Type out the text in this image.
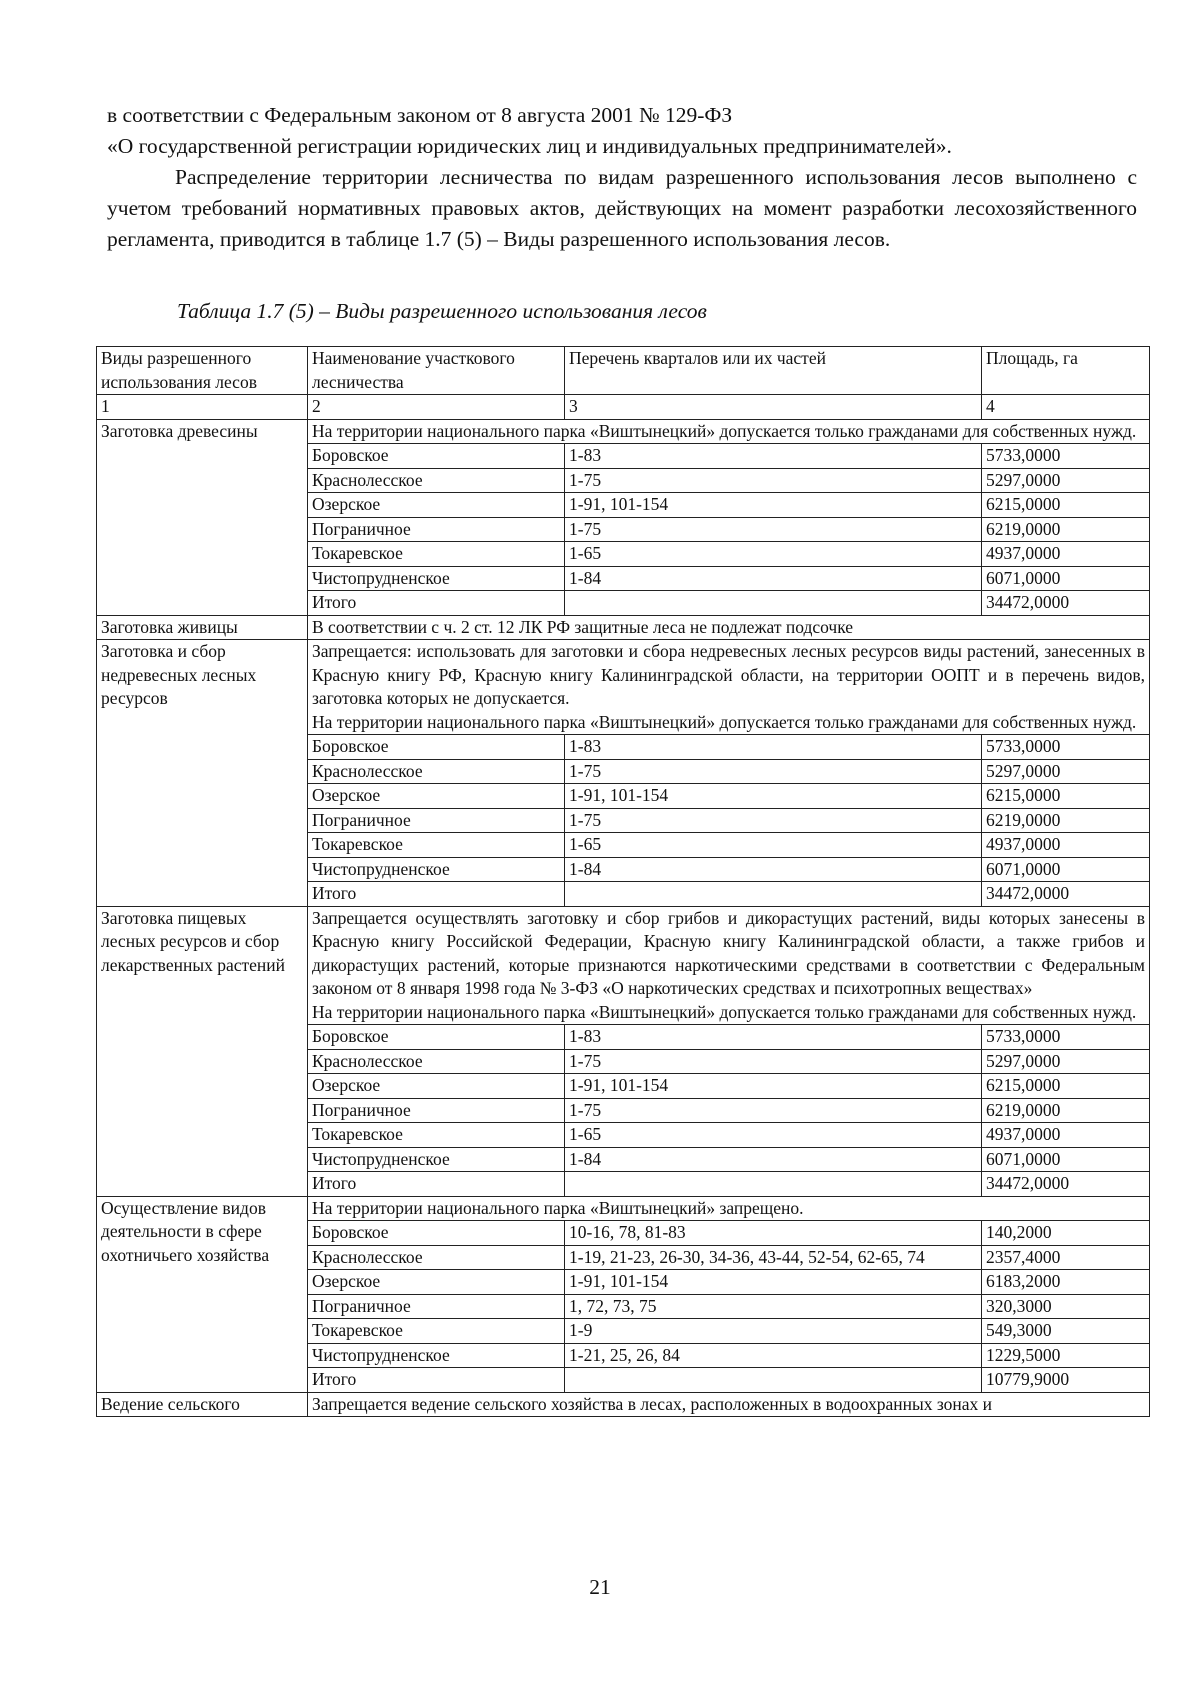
в соответствии с Федеральным законом от 8 августа 2001 № 129-ФЗ

«О государственной регистрации юридических лиц и индивидуальных предпринимателей».

Распределение территории лесничества по видам разрешенного использования лесов выполнено с учетом требований нормативных правовых актов, действующих на момент разработки лесохозяйственного регламента, приводится в таблице 1.7 (5) – Виды разрешенного использования лесов.

Таблица 1.7 (5) – Виды разрешенного использования лесов
Виды разрешенного использования лесов	Наименование участкового лесничества	Перечень кварталов или их частей	Площадь, га
1	2	3	4
Заготовка древесины	На территории национального парка «Виштынецкий» допускается только гражданами для собственных нужд.		
	Боровское	1-83	5733,0000
	Краснолесское	1-75	5297,0000
	Озерское	1-91, 101-154	6215,0000
	Пограничное	1-75	6219,0000
	Токаревское	1-65	4937,0000
	Чистопрудненское	1-84	6071,0000
	Итого		34472,0000
Заготовка живицы	В соответствии с ч. 2 ст. 12 ЛК РФ защитные леса не подлежат подсочке		
Заготовка и сбор недревесных лесных ресурсов	Запрещается: использовать для заготовки и сбора недревесных лесных ресурсов виды растений, занесенных в Красную книгу РФ, Красную книгу Калининградской области, на территории ООПТ и в перечень видов, заготовка которых не допускается.
На территории национального парка «Виштынецкий» допускается только гражданами для собственных нужд.		
	Боровское	1-83	5733,0000
	Краснолесское	1-75	5297,0000
	Озерское	1-91, 101-154	6215,0000
	Пограничное	1-75	6219,0000
	Токаревское	1-65	4937,0000
	Чистопрудненское	1-84	6071,0000
	Итого		34472,0000
Заготовка пищевых лесных ресурсов и сбор лекарственных растений	Запрещается осуществлять заготовку и сбор грибов и дикорастущих растений, виды которых занесены в Красную книгу Российской Федерации, Красную книгу Калининградской области, а также грибов и дикорастущих растений, которые признаются наркотическими средствами в соответствии с Федеральным законом от 8 января 1998 года № 3-ФЗ «О наркотических средствах и психотропных веществах»
На территории национального парка «Виштынецкий» допускается только гражданами для собственных нужд.		
	Боровское	1-83	5733,0000
	Краснолесское	1-75	5297,0000
	Озерское	1-91, 101-154	6215,0000
	Пограничное	1-75	6219,0000
	Токаревское	1-65	4937,0000
	Чистопрудненское	1-84	6071,0000
	Итого		34472,0000
Осуществление видов деятельности в сфере охотничьего хозяйства	На территории национального парка «Виштынецкий» запрещено.		
	Боровское	10-16, 78, 81-83	140,2000
	Краснолесское	1-19, 21-23, 26-30, 34-36, 43-44, 52-54, 62-65, 74	2357,4000
	Озерское	1-91, 101-154	6183,2000
	Пограничное	1, 72, 73, 75	320,3000
	Токаревское	1-9	549,3000
	Чистопрудненское	1-21, 25, 26, 84	1229,5000
	Итого		10779,9000
Ведение сельского	Запрещается ведение сельского хозяйства в лесах, расположенных в водоохранных зонах и		
21
